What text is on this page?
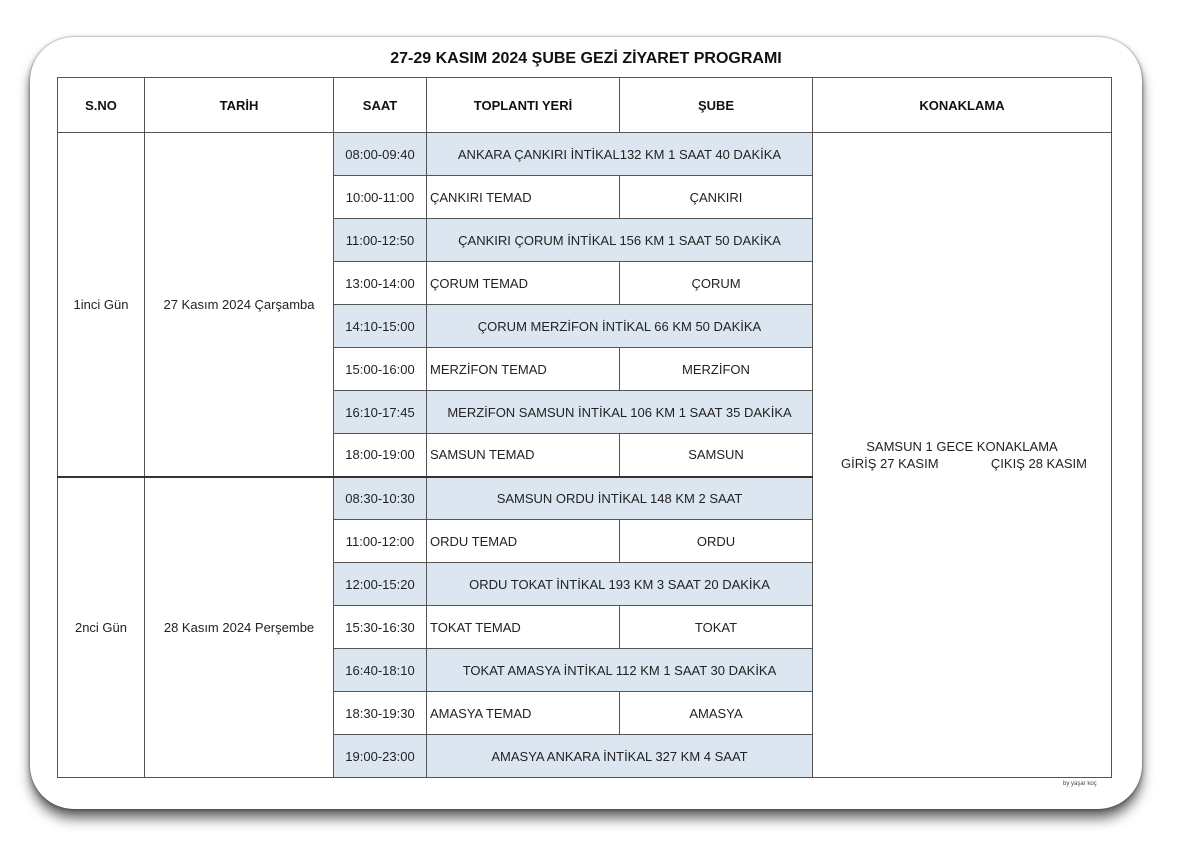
27-29 KASIM 2024 ŞUBE GEZİ ZİYARET PROGRAMI
S.NO	TARİH	SAAT	TOPLANTI YERİ	ŞUBE	KONAKLAMA
1inci Gün	27 Kasım 2024 Çarşamba	08:00-09:40	ANKARA ÇANKIRI İNTİKAL132 KM 1 SAAT 40 DAKİKA		SAMSUN 1 GECE KONAKLAMA
GİRİŞ 27 KASIM ÇIKIŞ 28 KASIM

		10:00-11:00	ÇANKIRI TEMAD	ÇANKIRI	
		11:00-12:50	ÇANKIRI ÇORUM İNTİKAL 156 KM 1 SAAT 50 DAKİKA		
		13:00-14:00	ÇORUM TEMAD	ÇORUM	
		14:10-15:00	ÇORUM MERZİFON İNTİKAL 66 KM 50 DAKİKA		
		15:00-16:00	MERZİFON TEMAD	MERZİFON	
		16:10-17:45	MERZİFON SAMSUN İNTİKAL 106 KM 1 SAAT 35 DAKİKA		
		18:00-19:00	SAMSUN TEMAD	SAMSUN	
2nci Gün	28 Kasım 2024 Perşembe	08:30-10:30	SAMSUN ORDU İNTİKAL 148 KM 2 SAAT		
		11:00-12:00	ORDU TEMAD	ORDU	
		12:00-15:20	ORDU TOKAT İNTİKAL 193 KM 3 SAAT 20 DAKİKA		
		15:30-16:30	TOKAT TEMAD	TOKAT	
		16:40-18:10	TOKAT AMASYA İNTİKAL 112 KM 1 SAAT 30 DAKİKA		
		18:30-19:30	AMASYA TEMAD	AMASYA	
		19:00-23:00	AMASYA ANKARA İNTİKAL 327 KM 4 SAAT		
by yaşar koç
